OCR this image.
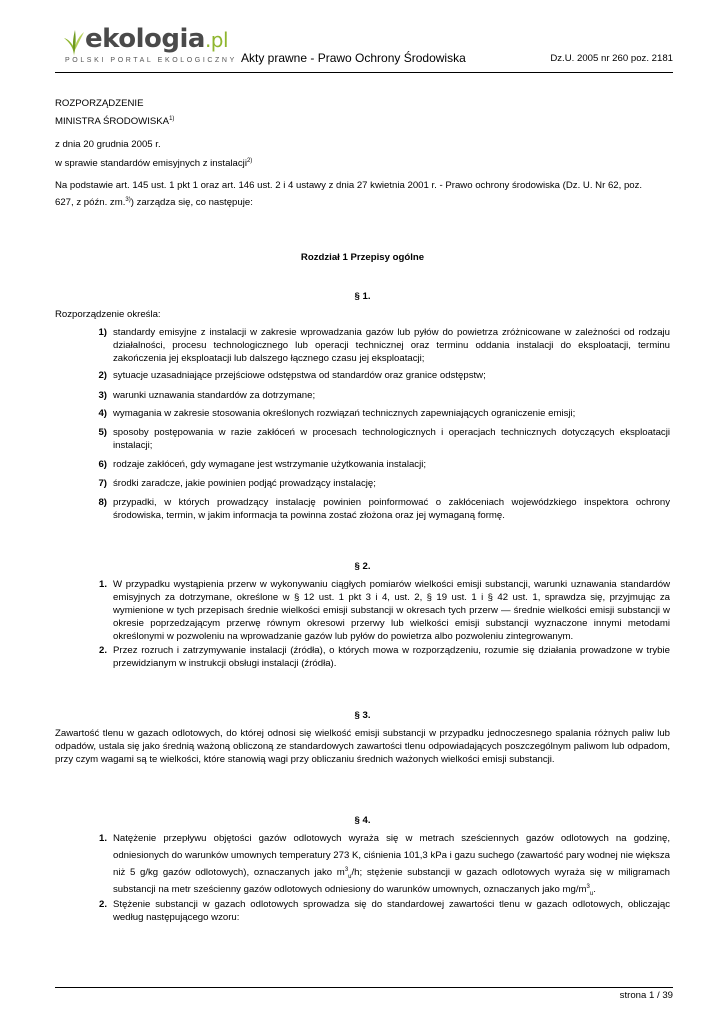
ekologia.pl
POLSKI PORTAL EKOLOGICZNY Akty prawne - Prawo Ochrony Środowiska	Dz.U. 2005 nr 260 poz. 2181
ROZPORZĄDZENIE
MINISTRA ŚRODOWISKA$^{1)}$
z dnia 20 grudnia 2005 r.
w sprawie standardów emisyjnych z instalacji$^{2)}$
Na podstawie art. 145 ust. 1 pkt 1 oraz art. 146 ust. 2 i 4 ustawy z dnia 27 kwietnia 2001 r. - Prawo ochrony środowiska (Dz. U. Nr 62, poz.
627, z późn. zm.$^{3)}$) zarządza się, co następuje:
Rozdział 1 Przepisy ogólne
§ 1.
Rozporządzenie określa:
1) standardy emisyjne z instalacji w zakresie wprowadzania gazów lub pyłów do powietrza zróżnicowane w zależności od rodzaju działalności, procesu technologicznego lub operacji technicznej oraz terminu oddania instalacji do eksploatacji, terminu zakończenia jej eksploatacji lub dalszego łącznego czasu jej eksploatacji;
2) sytuacje uzasadniające przejściowe odstępstwa od standardów oraz granice odstępstw;
3) warunki uznawania standardów za dotrzymane;
4) wymagania w zakresie stosowania określonych rozwiązań technicznych zapewniających ograniczenie emisji;
5) sposoby postępowania w razie zakłóceń w procesach technologicznych i operacjach technicznych dotyczących eksploatacji instalacji;
6) rodzaje zakłóceń, gdy wymagane jest wstrzymanie użytkowania instalacji;
7) środki zaradcze, jakie powinien podjąć prowadzący instalację;
8) przypadki, w których prowadzący instalację powinien poinformować o zakłóceniach wojewódzkiego inspektora ochrony środowiska, termin, w jakim informacja ta powinna zostać złożona oraz jej wymaganą formę.
§ 2.
1. W przypadku wystąpienia przerw w wykonywaniu ciągłych pomiarów wielkości emisji substancji, warunki uznawania standardów emisyjnych za dotrzymane, określone w § 12 ust. 1 pkt 3 i 4, ust. 2, § 19 ust. 1 i § 42 ust. 1, sprawdza się, przyjmując za wymienione w tych przepisach średnie wielkości emisji substancji w okresach tych przerw — średnie wielkości emisji substancji w okresie poprzedzającym przerwę równym okresowi przerwy lub wielkości emisji substancji wyznaczone innymi metodami określonymi w pozwoleniu na wprowadzanie gazów lub pyłów do powietrza albo pozwoleniu zintegrowanym.
2. Przez rozruch i zatrzymywanie instalacji (źródła), o których mowa w rozporządzeniu, rozumie się działania prowadzone w trybie przewidzianym w instrukcji obsługi instalacji (źródła).
§ 3.
Zawartość tlenu w gazach odlotowych, do której odnosi się wielkość emisji substancji w przypadku jednoczesnego spalania różnych paliw lub odpadów, ustala się jako średnią ważoną obliczoną ze standardowych zawartości tlenu odpowiadających poszczególnym paliwom lub odpadom, przy czym wagami są te wielkości, które stanowią wagi przy obliczaniu średnich ważonych wielkości emisji substancji.
§ 4.
1. Natężenie przepływu objętości gazów odlotowych wyraża się w metrach sześciennych gazów odlotowych na godzinę, odniesionych do warunków umownych temperatury 273 K, ciśnienia 101,3 kPa i gazu suchego (zawartość pary wodnej nie większa niż 5 g/kg gazów odlotowych), oznaczanych jako $m^3_u/h$; stężenie substancji w gazach odlotowych wyraża się w miligramach substancji na metr sześcienny gazów odlotowych odniesiony do warunków umownych, oznaczanych jako $mg/m^3_u$.
2. Stężenie substancji w gazach odlotowych sprowadza się do standardowej zawartości tlenu w gazach odlotowych, obliczając według następującego wzoru:
strona 1 / 39
